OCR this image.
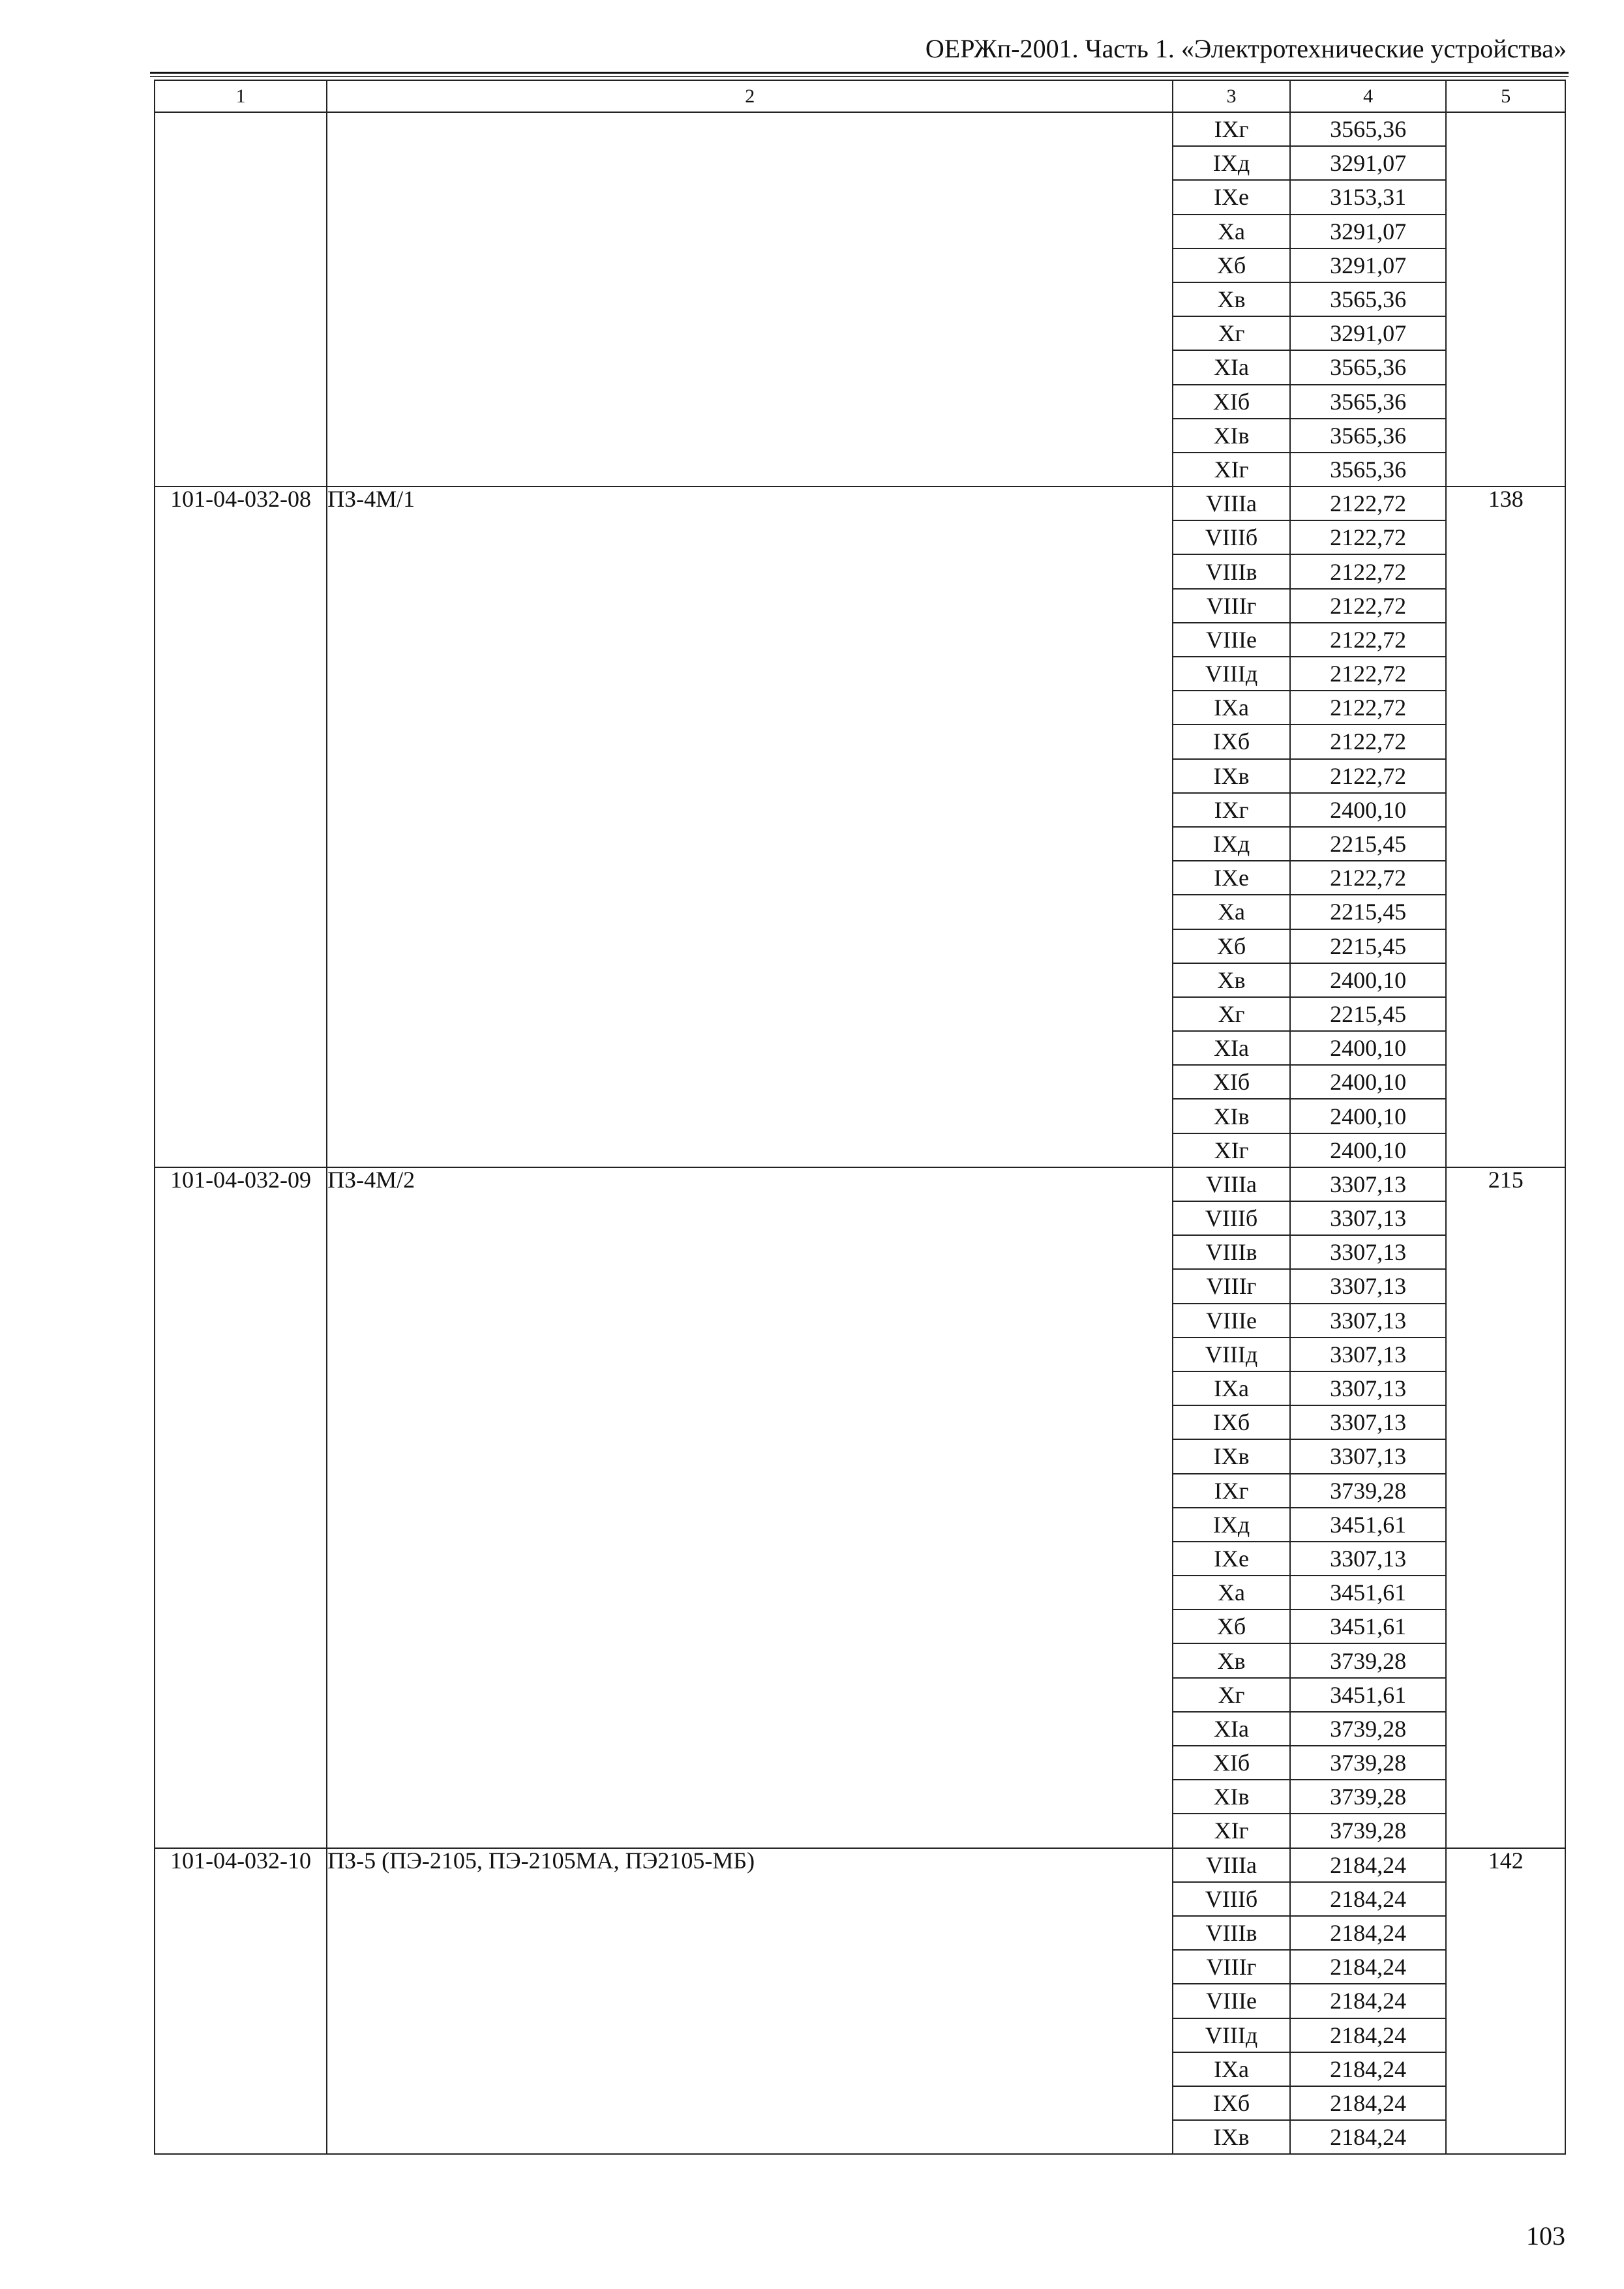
ОЕРЖп-2001. Часть 1. «Электротехнические устройства»
1	2	3	4	5
		IXг	3565,36	
		IXд	3291,07	
		IXе	3153,31	
		Xа	3291,07	
		Xб	3291,07	
		Xв	3565,36	
		Xг	3291,07	
		XIа	3565,36	
		XIб	3565,36	
		XIв	3565,36	
		XIг	3565,36	
101-04-032-08	ПЗ-4М/1	VIIIа	2122,72	138
		VIIIб	2122,72	
		VIIIв	2122,72	
		VIIIг	2122,72	
		VIIIе	2122,72	
		VIIIд	2122,72	
		IXа	2122,72	
		IXб	2122,72	
		IXв	2122,72	
		IXг	2400,10	
		IXд	2215,45	
		IXе	2122,72	
		Xа	2215,45	
		Xб	2215,45	
		Xв	2400,10	
		Xг	2215,45	
		XIа	2400,10	
		XIб	2400,10	
		XIв	2400,10	
		XIг	2400,10	
101-04-032-09	ПЗ-4М/2	VIIIа	3307,13	215
		VIIIб	3307,13	
		VIIIв	3307,13	
		VIIIг	3307,13	
		VIIIе	3307,13	
		VIIIд	3307,13	
		IXа	3307,13	
		IXб	3307,13	
		IXв	3307,13	
		IXг	3739,28	
		IXд	3451,61	
		IXе	3307,13	
		Xа	3451,61	
		Xб	3451,61	
		Xв	3739,28	
		Xг	3451,61	
		XIа	3739,28	
		XIб	3739,28	
		XIв	3739,28	
		XIг	3739,28	
101-04-032-10	ПЗ-5 (ПЭ-2105, ПЭ-2105МА, ПЭ2105-МБ)	VIIIа	2184,24	142
		VIIIб	2184,24	
		VIIIв	2184,24	
		VIIIг	2184,24	
		VIIIе	2184,24	
		VIIIд	2184,24	
		IXа	2184,24	
		IXб	2184,24	
		IXв	2184,24	
103
